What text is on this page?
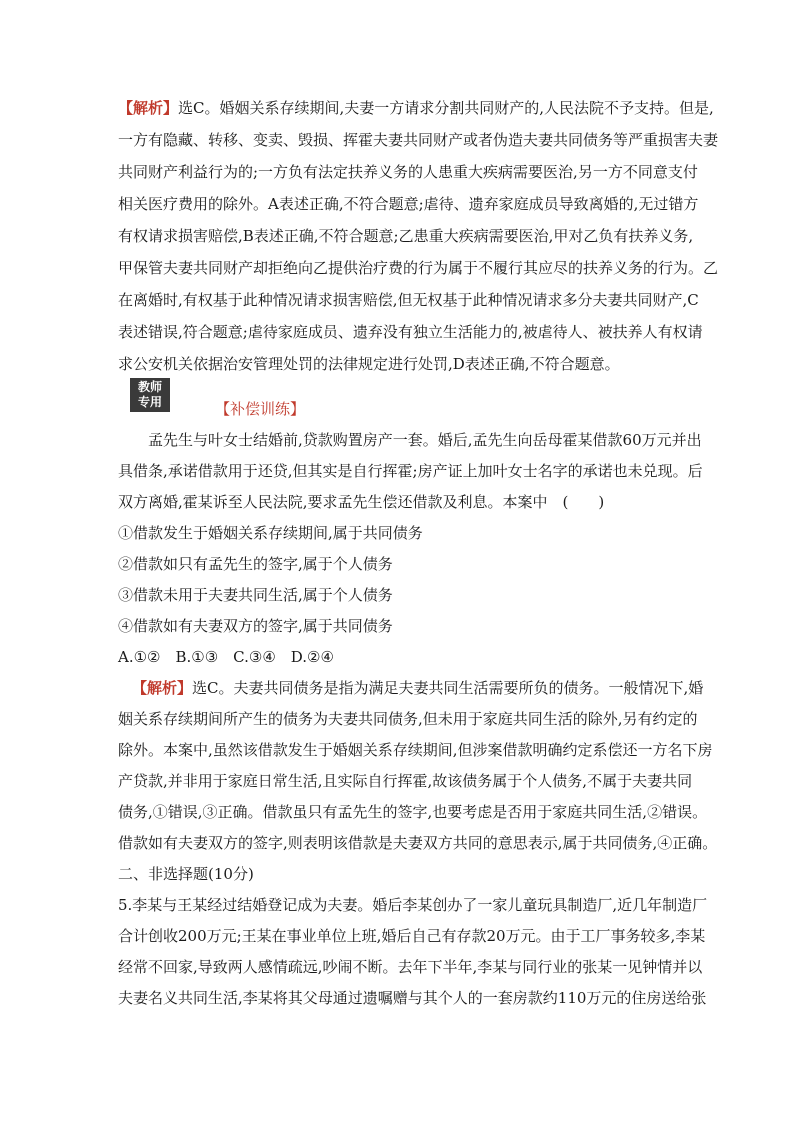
【解析】选C。婚姻关系存续期间,夫妻一方请求分割共同财产的,人民法院不予支持。但是,
一方有隐藏、转移、变卖、毁损、挥霍夫妻共同财产或者伪造夫妻共同债务等严重损害夫妻
共同财产利益行为的;一方负有法定扶养义务的人患重大疾病需要医治,另一方不同意支付
相关医疗费用的除外。A表述正确,不符合题意;虐待、遗弃家庭成员导致离婚的,无过错方
有权请求损害赔偿,B表述正确,不符合题意;乙患重大疾病需要医治,甲对乙负有扶养义务,
甲保管夫妻共同财产却拒绝向乙提供治疗费的行为属于不履行其应尽的扶养义务的行为。乙
在离婚时,有权基于此种情况请求损害赔偿,但无权基于此种情况请求多分夫妻共同财产,C
表述错误,符合题意;虐待家庭成员、遗弃没有独立生活能力的,被虐待人、被扶养人有权请
求公安机关依据治安管理处罚的法律规定进行处罚,D表述正确,不符合题意。
教师
专用	【补偿训练】
孟先生与叶女士结婚前,贷款购置房产一套。婚后,孟先生向岳母霍某借款60万元并出
具借条,承诺借款用于还贷,但其实是自行挥霍;房产证上加叶女士名字的承诺也未兑现。后
双方离婚,霍某诉至人民法院,要求孟先生偿还借款及利息。本案中　(　　)
①借款发生于婚姻关系存续期间,属于共同债务
②借款如只有孟先生的签字,属于个人债务
③借款未用于夫妻共同生活,属于个人债务
④借款如有夫妻双方的签字,属于共同债务
A.①②　B.①③　C.③④　D.②④
【解析】选C。夫妻共同债务是指为满足夫妻共同生活需要所负的债务。一般情况下,婚
姻关系存续期间所产生的债务为夫妻共同债务,但未用于家庭共同生活的除外,另有约定的
除外。本案中,虽然该借款发生于婚姻关系存续期间,但涉案借款明确约定系偿还一方名下房
产贷款,并非用于家庭日常生活,且实际自行挥霍,故该债务属于个人债务,不属于夫妻共同
债务,①错误,③正确。借款虽只有孟先生的签字,也要考虑是否用于家庭共同生活,②错误。
借款如有夫妻双方的签字,则表明该借款是夫妻双方共同的意思表示,属于共同债务,④正确。
二、非选择题(10分)
5.李某与王某经过结婚登记成为夫妻。婚后李某创办了一家儿童玩具制造厂,近几年制造厂
合计创收200万元;王某在事业单位上班,婚后自己有存款20万元。由于工厂事务较多,李某
经常不回家,导致两人感情疏远,吵闹不断。去年下半年,李某与同行业的张某一见钟情并以
夫妻名义共同生活,李某将其父母通过遗嘱赠与其个人的一套房款约110万元的住房送给张
